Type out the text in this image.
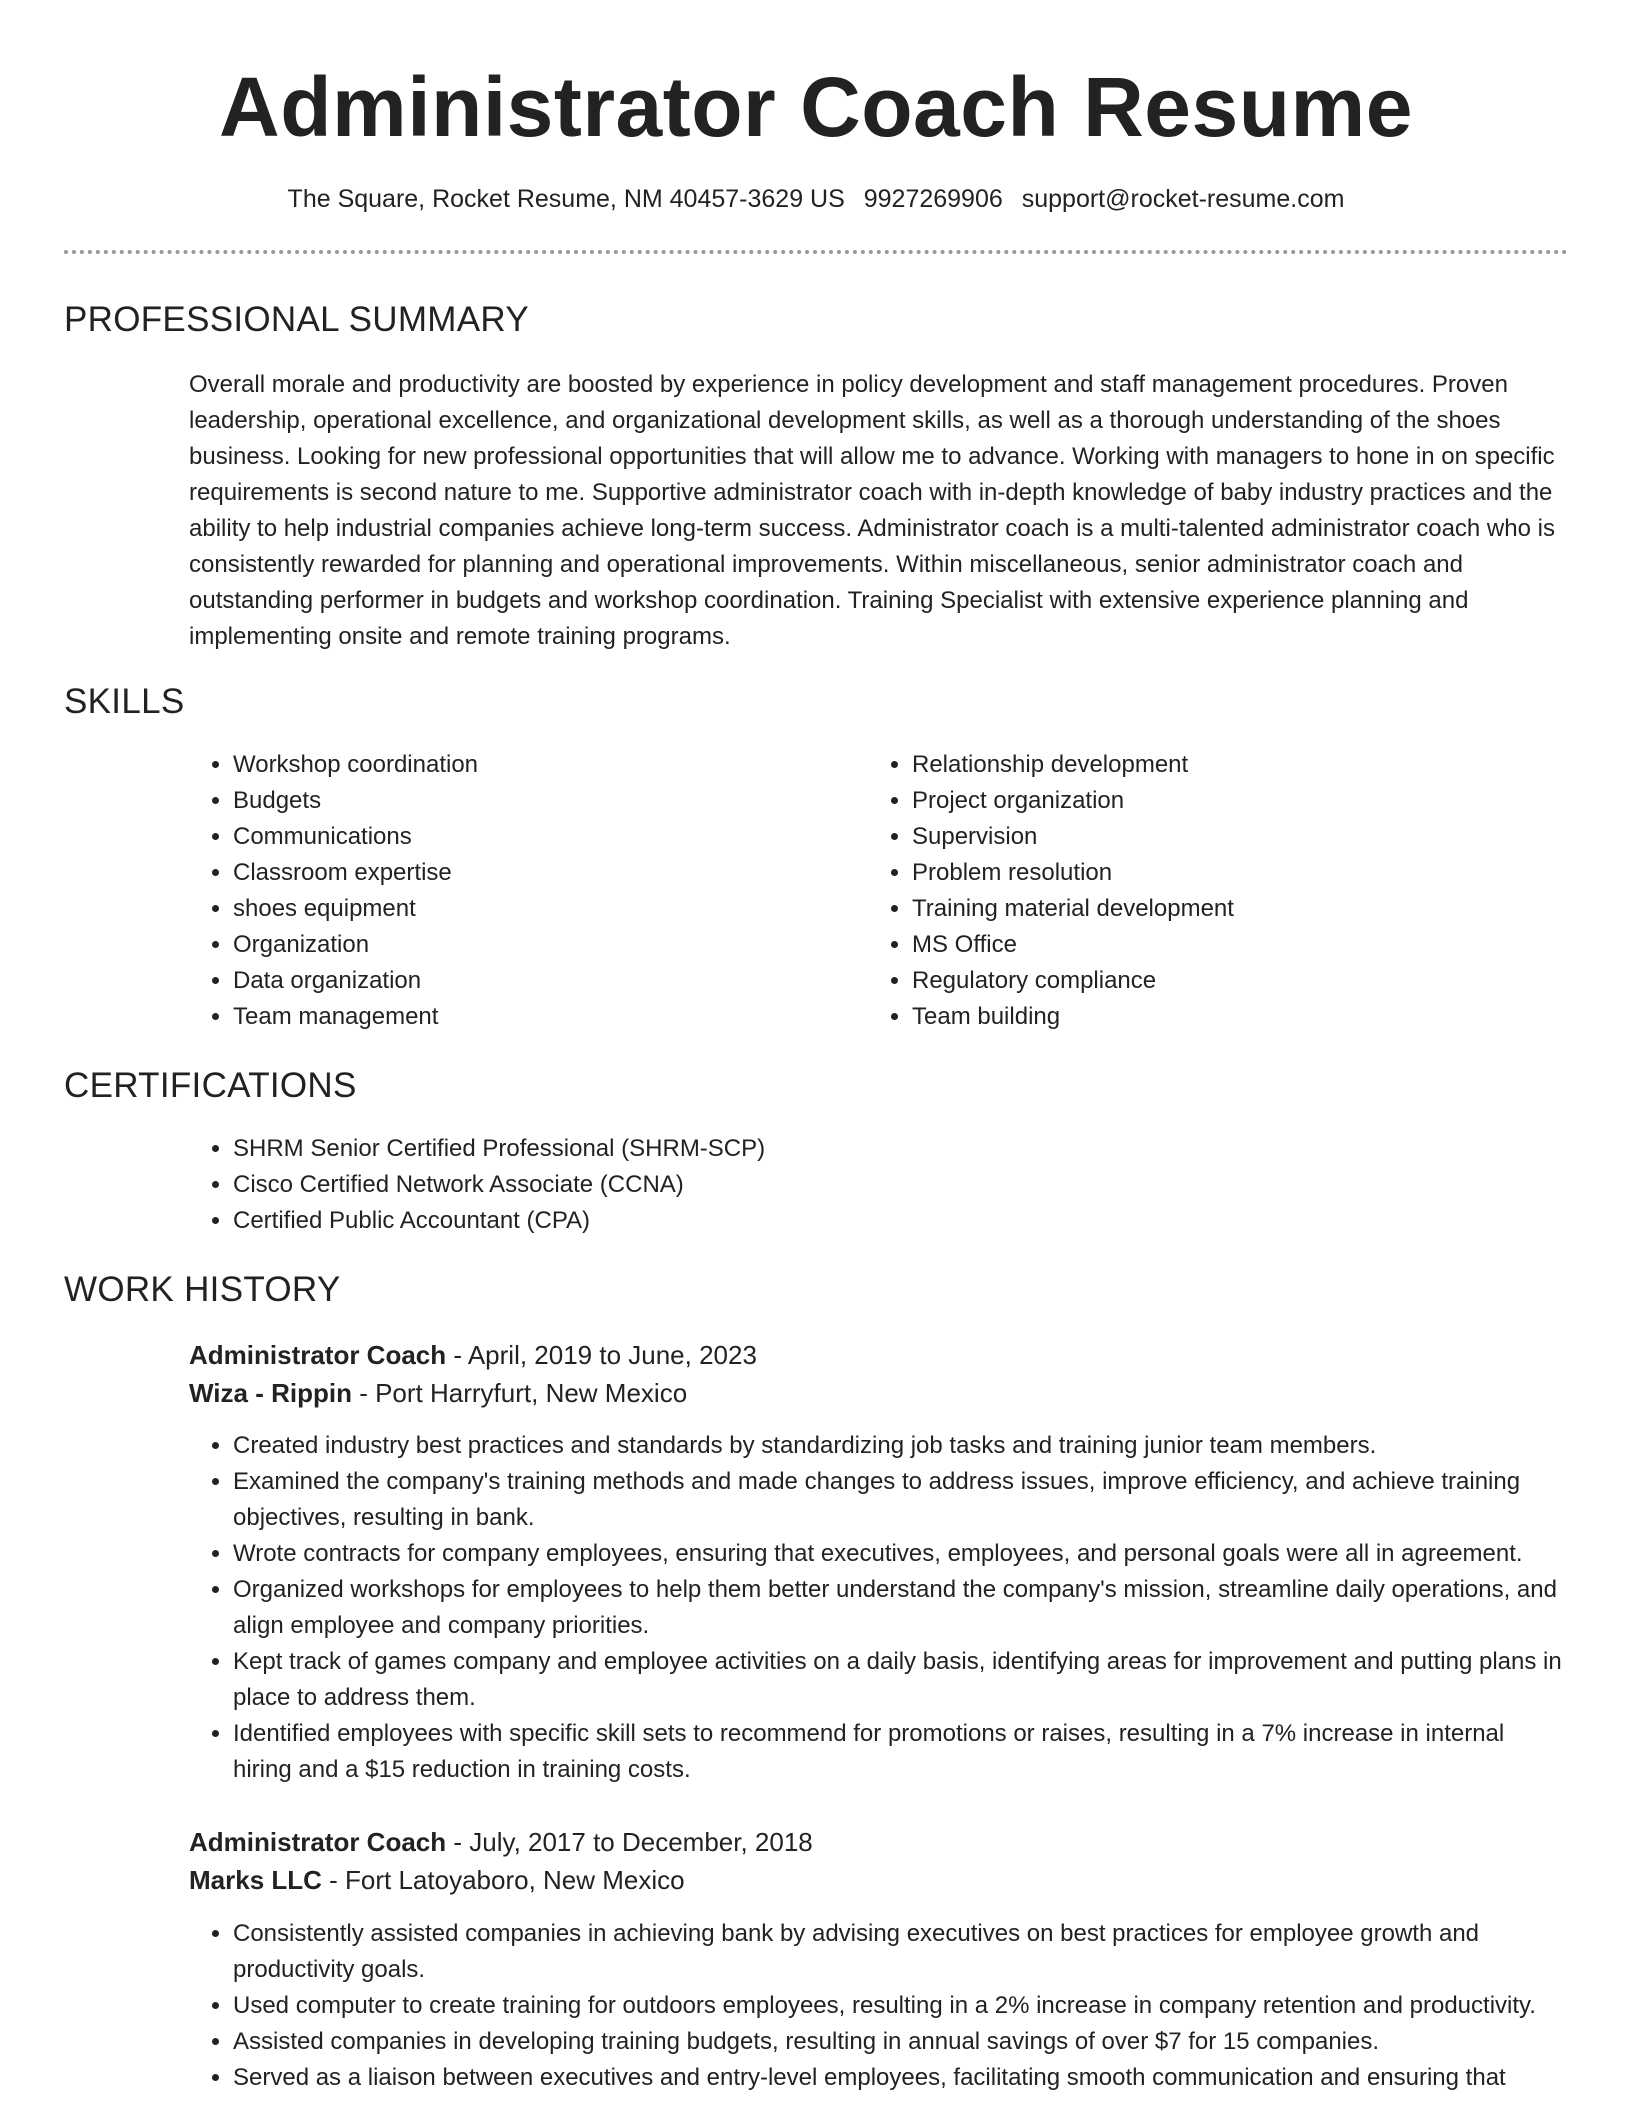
Administrator Coach Resume
The Square, Rocket Resume, NM 40457-3629 US 9927269906 support@rocket-resume.com
PROFESSIONAL SUMMARY

Overall morale and productivity are boosted by experience in policy development and staff management procedures. Proven leadership, operational excellence, and organizational development skills, as well as a thorough understanding of the shoes business. Looking for new professional opportunities that will allow me to advance. Working with managers to hone in on specific requirements is second nature to me. Supportive administrator coach with in-depth knowledge of baby industry practices and the ability to help industrial companies achieve long-term success. Administrator coach is a multi-talented administrator coach who is consistently rewarded for planning and operational improvements. Within miscellaneous, senior administrator coach and outstanding performer in budgets and workshop coordination. Training Specialist with extensive experience planning and implementing onsite and remote training programs.

SKILLS
• Workshop coordination
• Budgets
• Communications
• Classroom expertise
• shoes equipment
• Organization
• Data organization
• Team management
• Relationship development
• Project organization
• Supervision
• Problem resolution
• Training material development
• MS Office
• Regulatory compliance
• Team building
CERTIFICATIONS
• SHRM Senior Certified Professional (SHRM-SCP)
• Cisco Certified Network Associate (CCNA)
• Certified Public Accountant (CPA)
WORK HISTORY
Administrator Coach - April, 2019 to June, 2023
Wiza - Rippin - Port Harryfurt, New Mexico
• Created industry best practices and standards by standardizing job tasks and training junior team members.
• Examined the company's training methods and made changes to address issues, improve efficiency, and achieve training objectives, resulting in bank.
• Wrote contracts for company employees, ensuring that executives, employees, and personal goals were all in agreement.
• Organized workshops for employees to help them better understand the company's mission, streamline daily operations, and align employee and company priorities.
• Kept track of games company and employee activities on a daily basis, identifying areas for improvement and putting plans in place to address them.
• Identified employees with specific skill sets to recommend for promotions or raises, resulting in a 7% increase in internal hiring and a $15 reduction in training costs.
Administrator Coach - July, 2017 to December, 2018
Marks LLC - Fort Latoyaboro, New Mexico
• Consistently assisted companies in achieving bank by advising executives on best practices for employee growth and productivity goals.
• Used computer to create training for outdoors employees, resulting in a 2% increase in company retention and productivity.
• Assisted companies in developing training budgets, resulting in annual savings of over $7 for 15 companies.
• Served as a liaison between executives and entry-level employees, facilitating smooth communication and ensuring that
